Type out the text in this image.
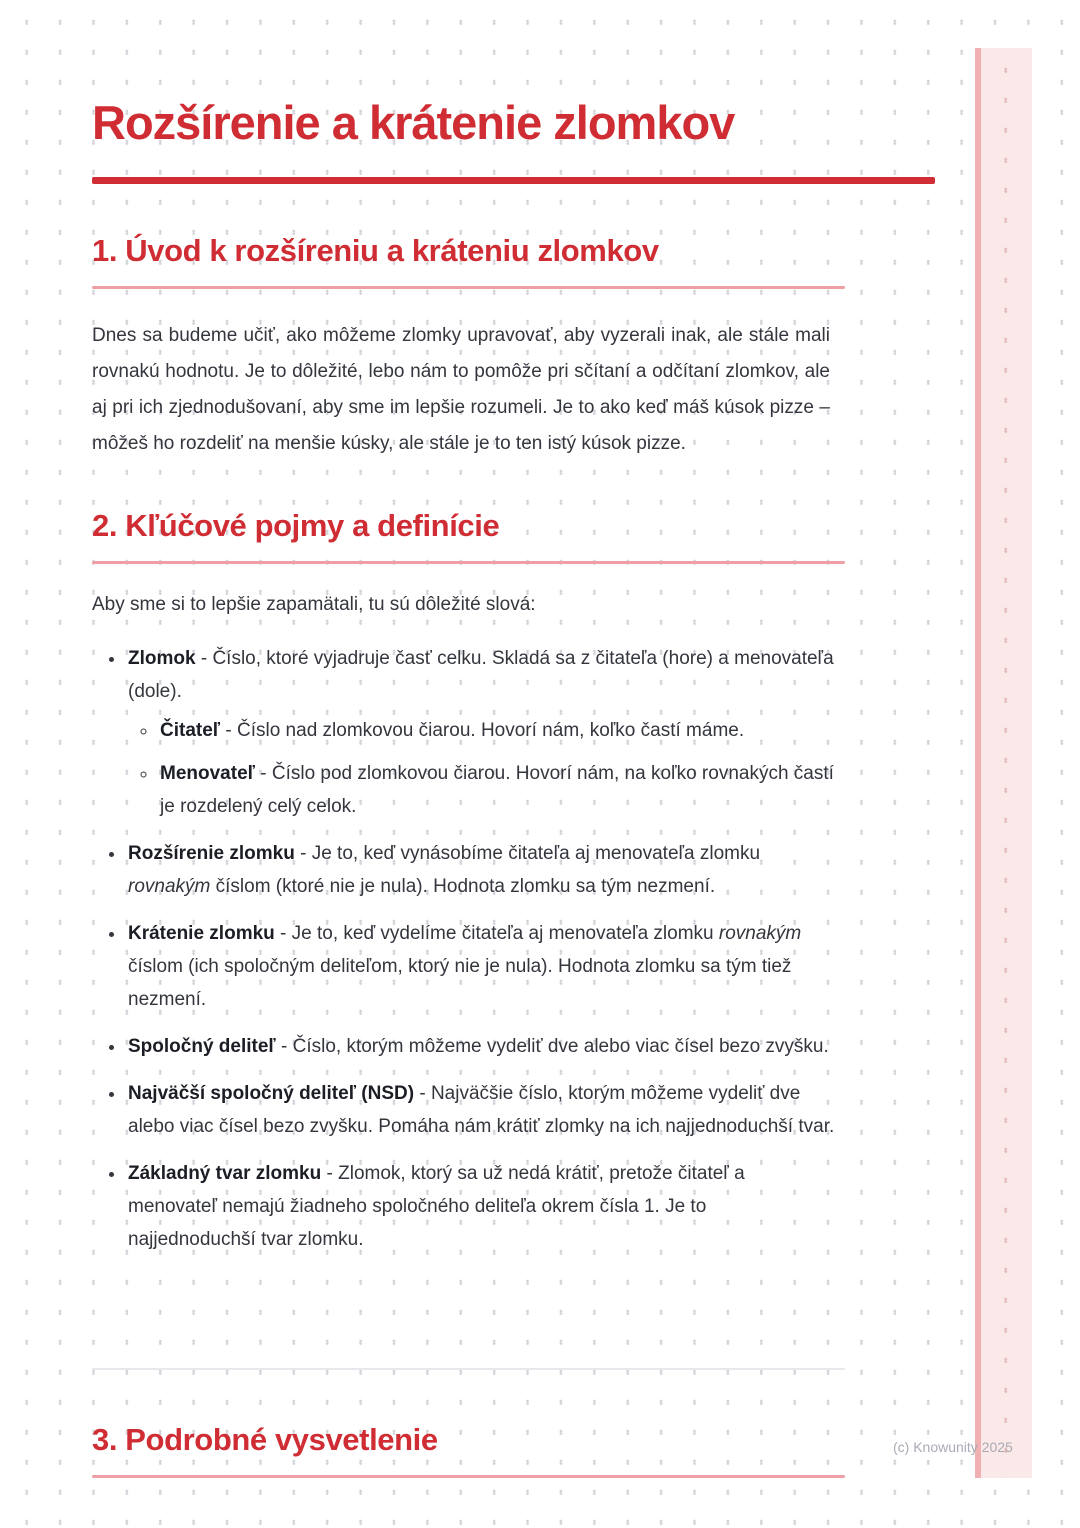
Rozšírenie a krátenie zlomkov
1. Úvod k rozšíreniu a kráteniu zlomkov

Dnes sa budeme učiť, ako môžeme zlomky upravovať, aby vyzerali inak, ale stále mali rovnakú hodnotu. Je to dôležité, lebo nám to pomôže pri sčítaní a odčítaní zlomkov, ale aj pri ich zjednodušovaní, aby sme im lepšie rozumeli. Je to ako keď máš kúsok pizze – môžeš ho rozdeliť na menšie kúsky, ale stále je to ten istý kúsok pizze.

2. Kľúčové pojmy a definície

Aby sme si to lepšie zapamätali, tu sú dôležité slová:

• Zlomok - Číslo, ktoré vyjadruje časť celku. Skladá sa z čitateľa (hore) a menovateľa (dole).
◦ Čitateľ - Číslo nad zlomkovou čiarou. Hovorí nám, koľko častí máme.
◦ Menovateľ - Číslo pod zlomkovou čiarou. Hovorí nám, na koľko rovnakých častí je rozdelený celý celok.
• Rozšírenie zlomku - Je to, keď vynásobíme čitateľa aj menovateľa zlomku rovnakým číslom (ktoré nie je nula). Hodnota zlomku sa tým nezmení.
• Krátenie zlomku - Je to, keď vydelíme čitateľa aj menovateľa zlomku rovnakým číslom (ich spoločným deliteľom, ktorý nie je nula). Hodnota zlomku sa tým tiež nezmení.
• Spoločný deliteľ - Číslo, ktorým môžeme vydeliť dve alebo viac čísel bezo zvyšku.
• Najväčší spoločný deliteľ (NSD) - Najväčšie číslo, ktorým môžeme vydeliť dve alebo viac čísel bezo zvyšku. Pomáha nám krátiť zlomky na ich najjednoduchší tvar.
• Základný tvar zlomku - Zlomok, ktorý sa už nedá krátiť, pretože čitateľ a menovateľ nemajú žiadneho spoločného deliteľa okrem čísla 1. Je to najjednoduchší tvar zlomku.
3. Podrobné vysvetlenie	(c) Knowunity 2025
